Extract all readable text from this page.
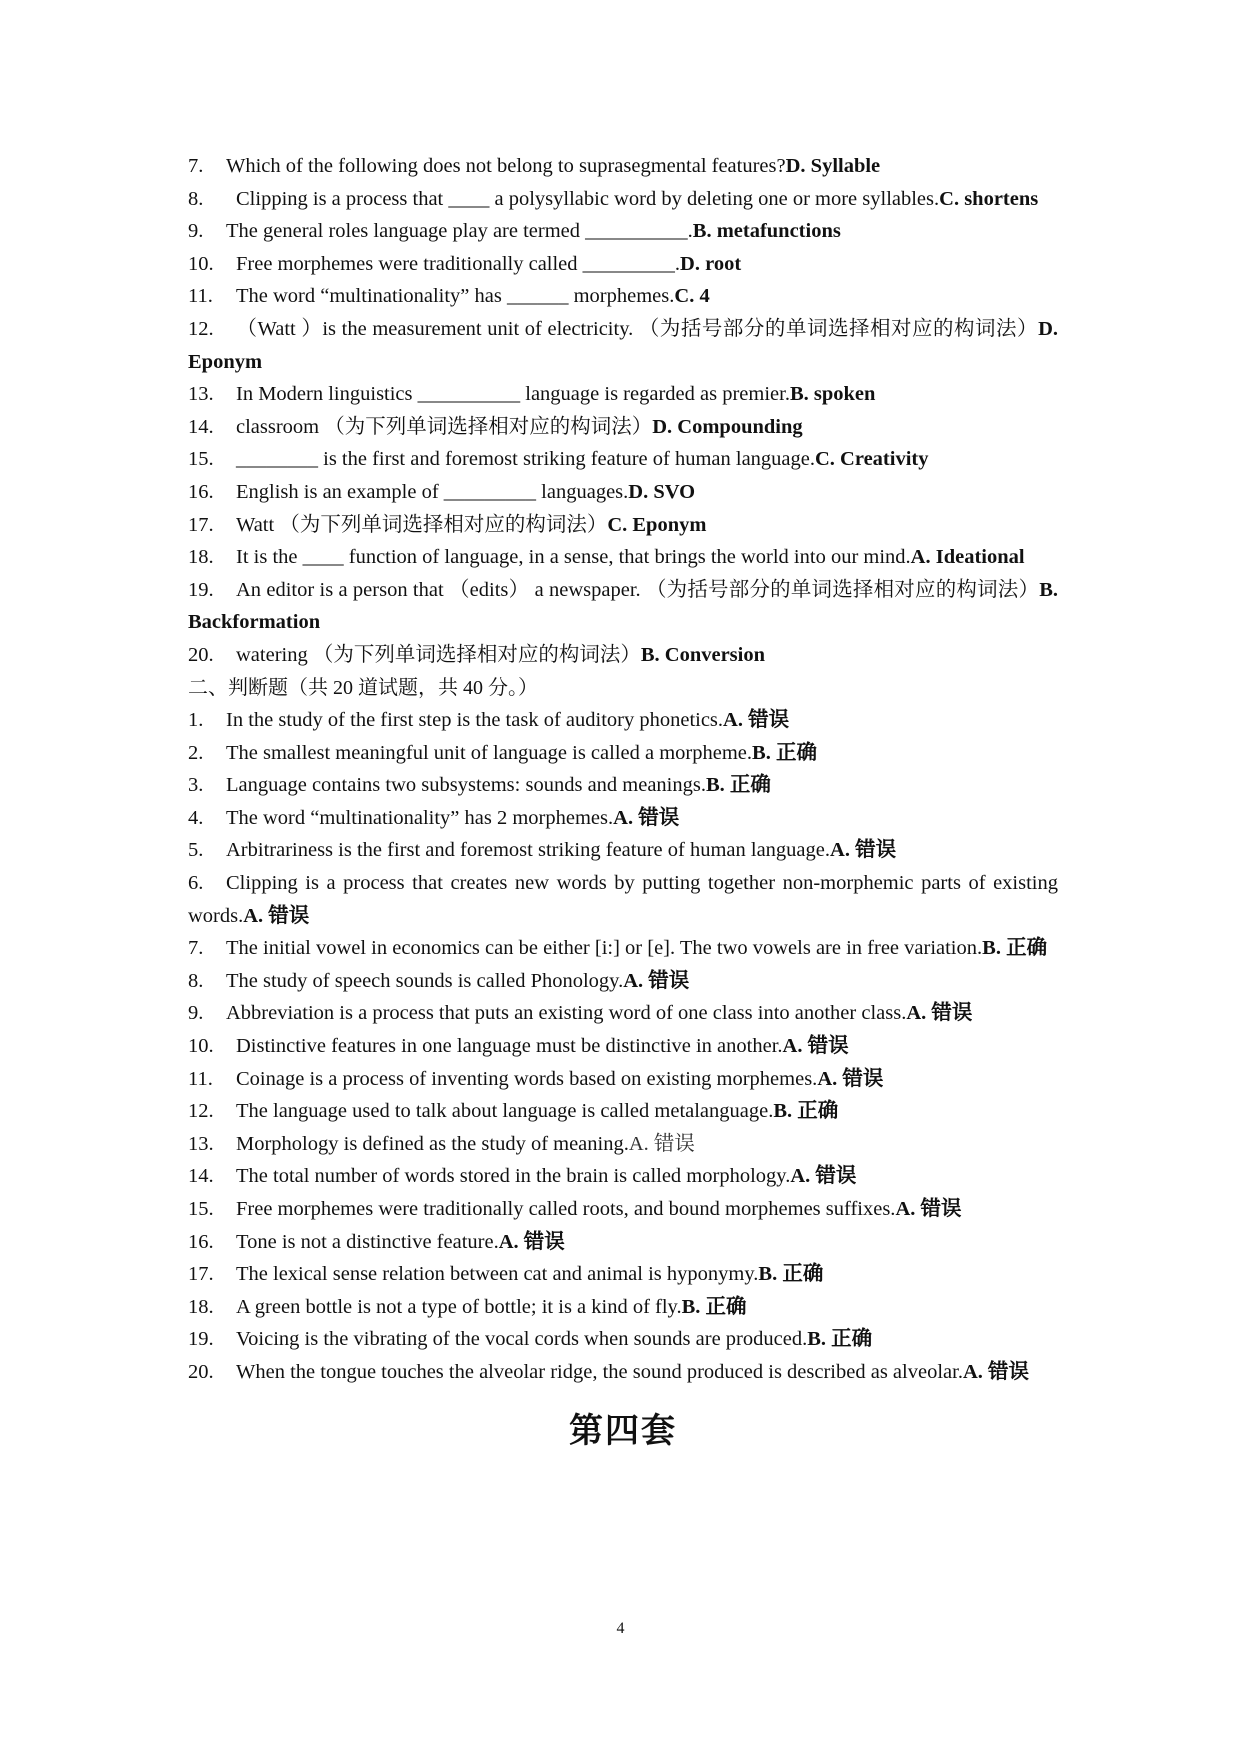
7. Which of the following does not belong to suprasegmental features?D. Syllable
8. Clipping is a process that ____ a polysyllabic word by deleting one or more syllables.C. shortens
9. The general roles language play are termed __________.B. metafunctions
10. Free morphemes were traditionally called _________.D. root
11. The word “multinationality” has ______ morphemes.C. 4
12. （Watt ）is the measurement unit of electricity. （为括号部分的单词选择相对应的构词法）D. Eponym
13. In Modern linguistics __________ language is regarded as premier.B. spoken
14. classroom （为下列单词选择相对应的构词法）D. Compounding
15. ________ is the first and foremost striking feature of human language.C. Creativity
16. English is an example of _________ languages.D. SVO
17. Watt （为下列单词选择相对应的构词法）C. Eponym
18. It is the ____ function of language, in a sense, that brings the world into our mind.A. Ideational
19. An editor is a person that （edits） a newspaper. （为括号部分的单词选择相对应的构词法）B. Backformation
20. watering （为下列单词选择相对应的构词法）B. Conversion
二、判断题（共 20 道试题，共 40 分。）
1. In the study of the first step is the task of auditory phonetics.A. 错误
2. The smallest meaningful unit of language is called a morpheme.B. 正确
3. Language contains two subsystems: sounds and meanings.B. 正确
4. The word “multinationality” has 2 morphemes.A. 错误
5. Arbitrariness is the first and foremost striking feature of human language.A. 错误
6. Clipping is a process that creates new words by putting together non-morphemic parts of existing words.A. 错误
7. The initial vowel in economics can be either [i:] or [e]. The two vowels are in free variation.B. 正确
8. The study of speech sounds is called Phonology.A. 错误
9. Abbreviation is a process that puts an existing word of one class into another class.A. 错误
10. Distinctive features in one language must be distinctive in another.A. 错误
11. Coinage is a process of inventing words based on existing morphemes.A. 错误
12. The language used to talk about language is called metalanguage.B. 正确
13. Morphology is defined as the study of meaning.A. 错误
14. The total number of words stored in the brain is called morphology.A. 错误
15. Free morphemes were traditionally called roots, and bound morphemes suffixes.A. 错误
16. Tone is not a distinctive feature.A. 错误
17. The lexical sense relation between cat and animal is hyponymy.B. 正确
18. A green bottle is not a type of bottle; it is a kind of fly.B. 正确
19. Voicing is the vibrating of the vocal cords when sounds are produced.B. 正确
20. When the tongue touches the alveolar ridge, the sound produced is described as alveolar.A. 错误
第四套
4
